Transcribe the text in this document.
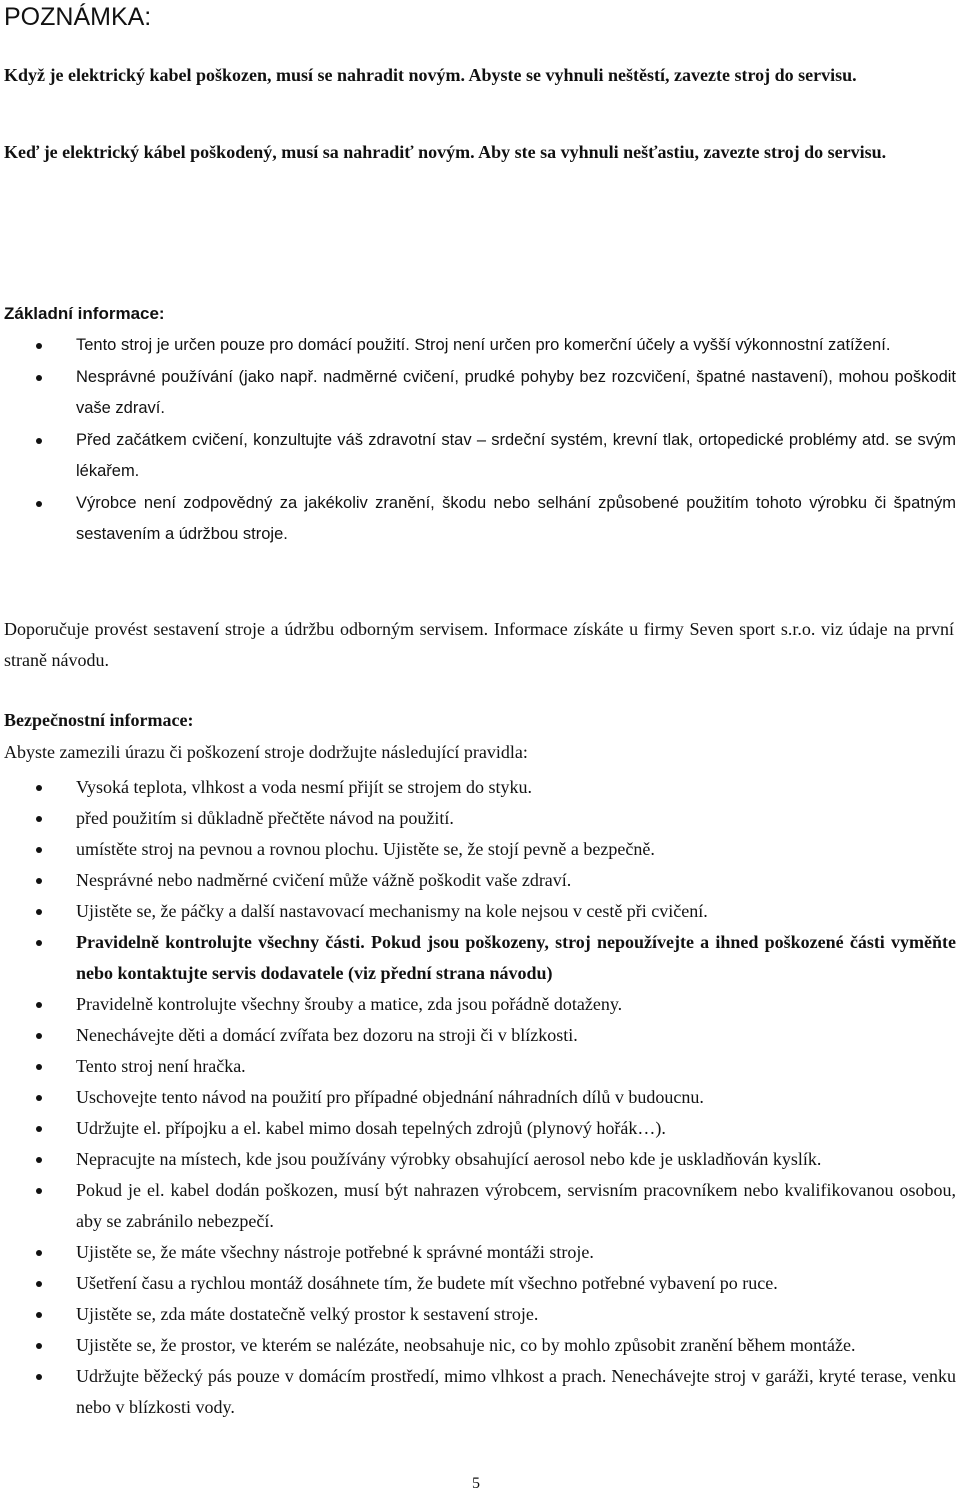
POZNÁMKA:

Když je elektrický kabel poškozen, musí se nahradit novým. Abyste se vyhnuli neštěstí, zavezte stroj do servisu.

Keď je elektrický kábel poškodený, musí sa nahradiť novým. Aby ste sa vyhnuli nešťastiu, zavezte stroj do servisu.

Základní informace:
Tento stroj je určen pouze pro domácí použití. Stroj není určen pro komerční účely a vyšší výkonnostní zatížení.
Nesprávné používání (jako např. nadměrné cvičení, prudké pohyby bez rozcvičení, špatné nastavení), mohou poškodit vaše zdraví.
Před začátkem cvičení, konzultujte váš zdravotní stav – srdeční systém, krevní tlak, ortopedické problémy atd. se svým lékařem.
Výrobce není zodpovědný za jakékoliv zranění, škodu nebo selhání způsobené použitím tohoto výrobku či špatným sestavením a údržbou stroje.

Doporučuje provést sestavení stroje a údržbu odborným servisem. Informace získáte u firmy Seven sport s.r.o. viz údaje na první straně návodu.

Bezpečnostní informace:

Abyste zamezili úrazu či poškození stroje dodržujte následující pravidla:

Vysoká teplota, vlhkost a voda nesmí přijít se strojem do styku.
před použitím si důkladně přečtěte návod na použití.
umístěte stroj na pevnou a rovnou plochu. Ujistěte se, že stojí pevně a bezpečně.
Nesprávné nebo nadměrné cvičení může vážně poškodit vaše zdraví.
Ujistěte se, že páčky a další nastavovací mechanismy na kole nejsou v cestě při cvičení.
Pravidelně kontrolujte všechny části. Pokud jsou poškozeny, stroj nepoužívejte a ihned poškozené části vyměňte nebo kontaktujte servis dodavatele (viz přední strana návodu)
Pravidelně kontrolujte všechny šrouby a matice, zda jsou pořádně dotaženy.
Nenechávejte děti a domácí zvířata bez dozoru na stroji či v blízkosti.
Tento stroj není hračka.
Uschovejte tento návod na použití pro případné objednání náhradních dílů v budoucnu.
Udržujte el. přípojku a el. kabel mimo dosah tepelných zdrojů (plynový hořák…).
Nepracujte na místech, kde jsou používány výrobky obsahující aerosol nebo kde je uskladňován kyslík.
Pokud je el. kabel dodán poškozen, musí být nahrazen výrobcem, servisním pracovníkem nebo kvalifikovanou osobou, aby se zabránilo nebezpečí.
Ujistěte se, že máte všechny nástroje potřebné k správné montáži stroje.
Ušetření času a rychlou montáž dosáhnete tím, že budete mít všechno potřebné vybavení po ruce.
Ujistěte se, zda máte dostatečně velký prostor k sestavení stroje.
Ujistěte se, že prostor, ve kterém se nalézáte, neobsahuje nic, co by mohlo způsobit zranění během montáže.
Udržujte běžecký pás pouze v domácím prostředí, mimo vlhkost a prach. Nenechávejte stroj v garáži, kryté terase, venku nebo v blízkosti vody.
5
